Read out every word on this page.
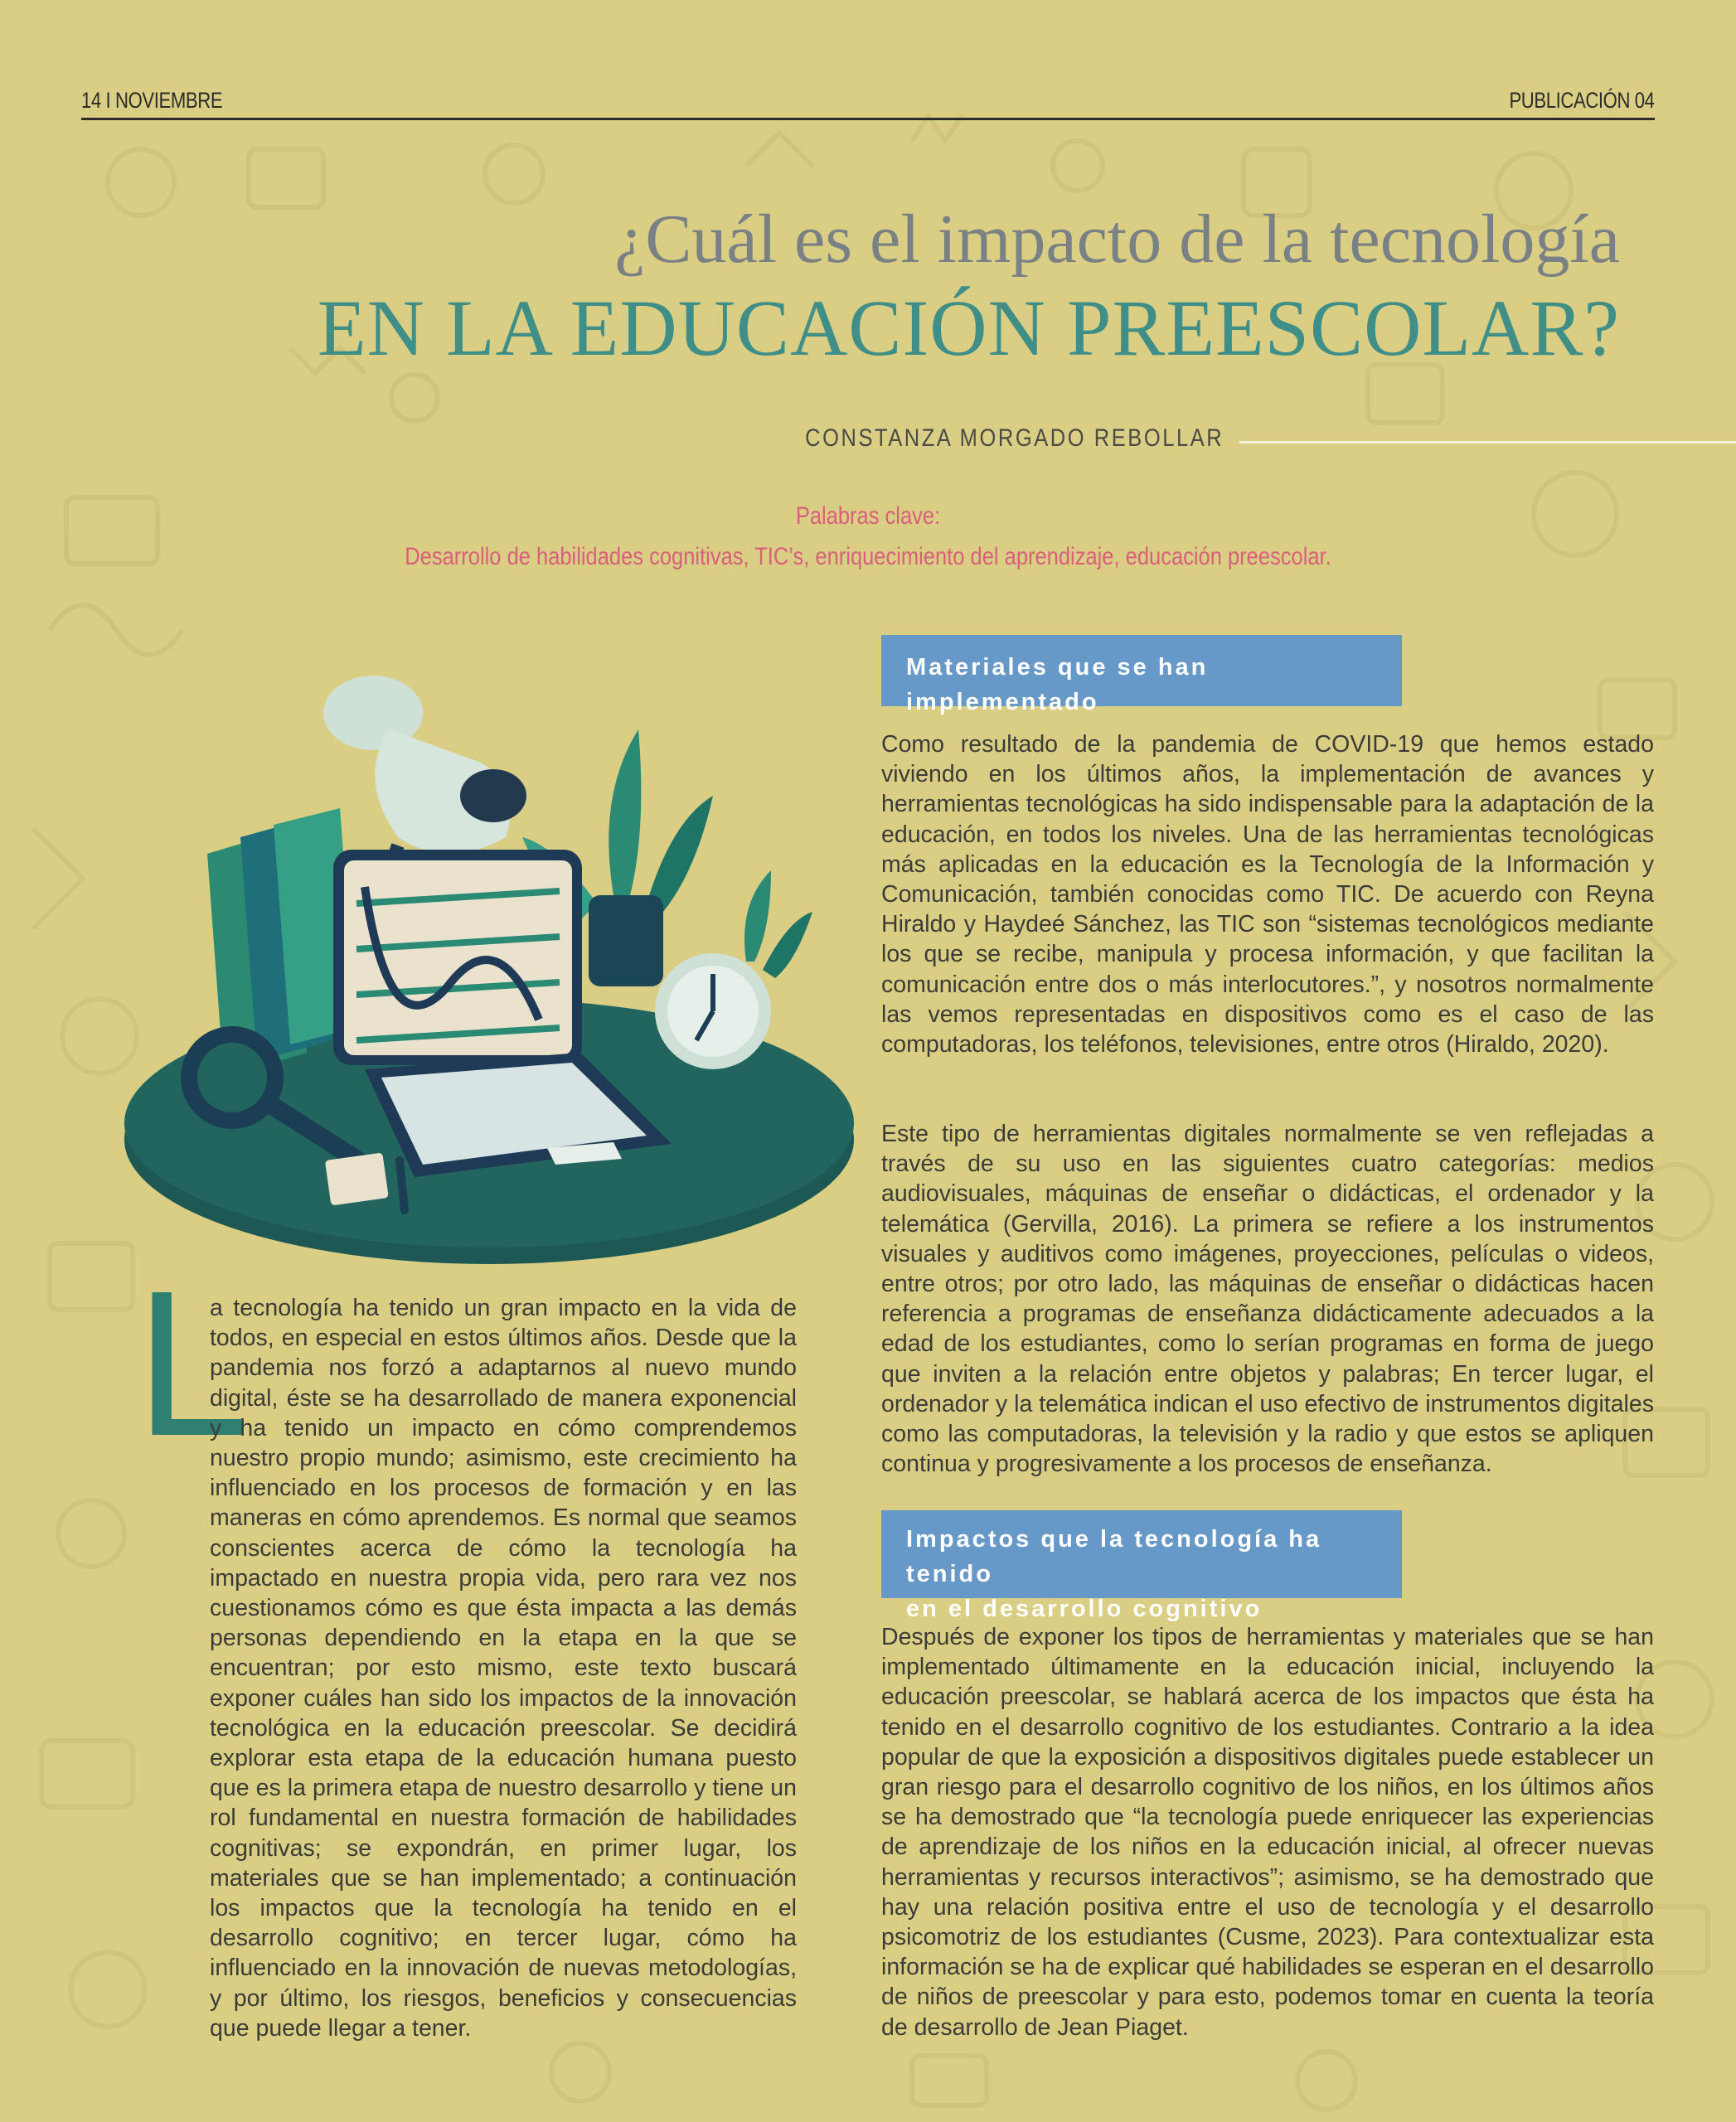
14 I NOVIEMBRE	PUBLICACIÓN 04
¿Cuál es el impacto de la tecnología
EN LA EDUCACIÓN PREESCOLAR?
CONSTANZA MORGADO REBOLLAR
Palabras clave:
Desarrollo de habilidades cognitivas, TIC’s, enriquecimiento del aprendizaje, educación preescolar.
L
a tecnología ha tenido un gran impacto en la vida de todos, en especial en estos últimos años. Desde que la pandemia nos forzó a adaptarnos al nuevo mundo digital, éste se ha desarrollado de manera exponencial y ha tenido un impacto en cómo comprendemos nuestro propio mundo; asimismo, este crecimiento ha influenciado en los procesos de formación y en las maneras en cómo aprendemos. Es normal que seamos conscientes acerca de cómo la tecnología ha impactado en nuestra propia vida, pero rara vez nos cuestionamos cómo es que ésta impacta a las demás personas dependiendo en la etapa en la que se encuentran; por esto mismo, este texto buscará exponer cuáles han sido los impactos de la innovación tecnológica en la educación preescolar. Se decidirá explorar esta etapa de la educación humana puesto que es la primera etapa de nuestro desarrollo y tiene un rol fundamental en nuestra formación de habilidades cognitivas; se expondrán, en primer lugar, los materiales que se han implementado; a continuación los impactos que la tecnología ha tenido en el desarrollo cognitivo; en tercer lugar, cómo ha influenciado en la innovación de nuevas metodologías, y por último, los riesgos, beneficios y consecuencias que puede llegar a tener.
Materiales que se han implementado
Como resultado de la pandemia de COVID-19 que hemos estado viviendo en los últimos años, la implementación de avances y herramientas tecnológicas ha sido indispensable para la adaptación de la educación, en todos los niveles. Una de las herramientas tecnológicas más aplicadas en la educación es la Tecnología de la Información y Comunicación, también conocidas como TIC. De acuerdo con Reyna Hiraldo y Haydeé Sánchez, las TIC son “sistemas tecnológicos mediante los que se recibe, manipula y procesa información, y que facilitan la comunicación entre dos o más interlocutores.”, y nosotros normalmente las vemos representadas en dispositivos como es el caso de las computadoras, los teléfonos, televisiones, entre otros (Hiraldo, 2020).
Este tipo de herramientas digitales normalmente se ven reflejadas a través de su uso en las siguientes cuatro categorías: medios audiovisuales, máquinas de enseñar o didácticas, el ordenador y la telemática (Gervilla, 2016). La primera se refiere a los instrumentos visuales y auditivos como imágenes, proyecciones, películas o videos, entre otros; por otro lado, las máquinas de enseñar o didácticas hacen referencia a programas de enseñanza didácticamente adecuados a la edad de los estudiantes, como lo serían programas en forma de juego que inviten a la relación entre objetos y palabras; En tercer lugar, el ordenador y la telemática indican el uso efectivo de instrumentos digitales como las computadoras, la televisión y la radio y que estos se apliquen continua y progresivamente a los procesos de enseñanza.
Impactos que la tecnología ha tenido
en el desarrollo cognitivo
Después de exponer los tipos de herramientas y materiales que se han implementado últimamente en la educación inicial, incluyendo la educación preescolar, se hablará acerca de los impactos que ésta ha tenido en el desarrollo cognitivo de los estudiantes. Contrario a la idea popular de que la exposición a dispositivos digitales puede establecer un gran riesgo para el desarrollo cognitivo de los niños, en los últimos años se ha demostrado que “la tecnología puede enriquecer las experiencias de aprendizaje de los niños en la educación inicial, al ofrecer nuevas herramientas y recursos interactivos”; asimismo, se ha demostrado que hay una relación positiva entre el uso de tecnología y el desarrollo psicomotriz de los estudiantes (Cusme, 2023). Para contextualizar esta información se ha de explicar qué habilidades se esperan en el desarrollo de niños de preescolar y para esto, podemos tomar en cuenta la teoría de desarrollo de Jean Piaget.
